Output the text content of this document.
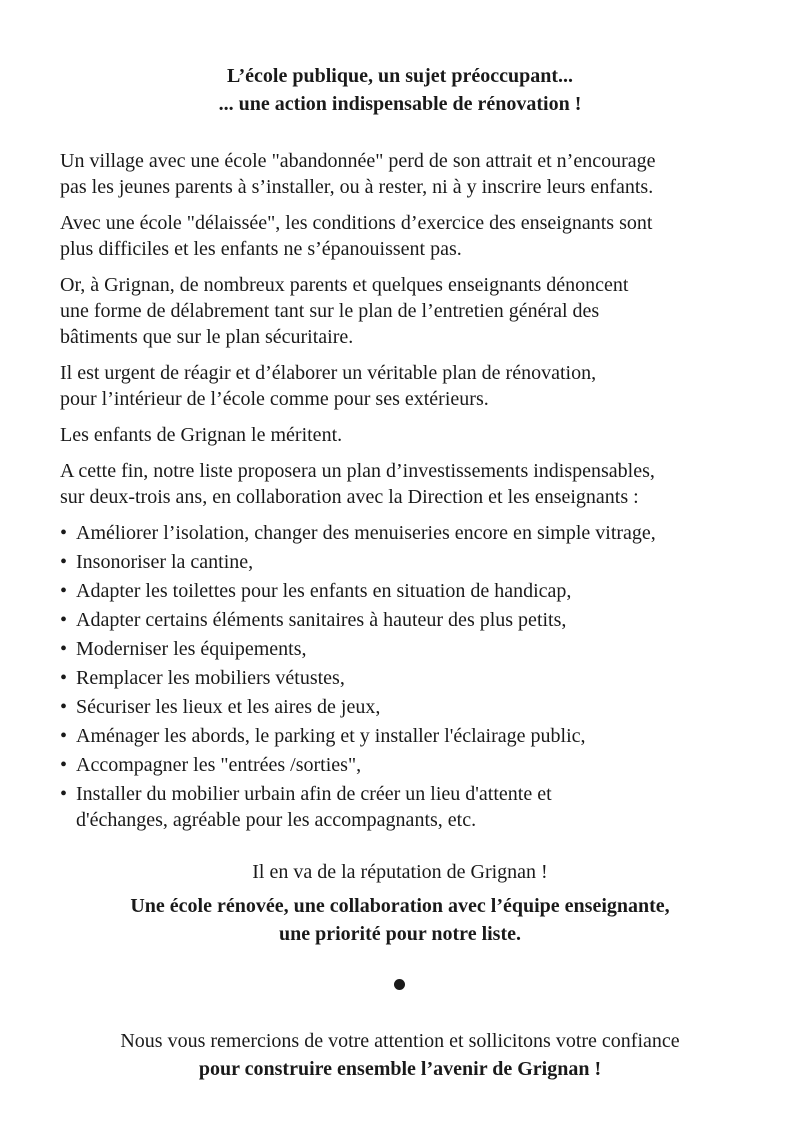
L’école publique, un sujet préoccupant...
... une action indispensable de rénovation !
Un village avec une école "abandonnée" perd de son attrait et n’encourage
pas les jeunes parents à s’installer, ou à rester, ni à y inscrire leurs enfants.
Avec une école "délaissée", les conditions d’exercice des enseignants sont
plus difficiles et les enfants ne s’épanouissent pas.
Or, à Grignan, de nombreux parents et quelques enseignants dénoncent
une forme de délabrement tant sur le plan de l’entretien général des
bâtiments que sur le plan sécuritaire.
Il est urgent de réagir et d’élaborer un véritable plan de rénovation,
pour l’intérieur de l’école comme pour ses extérieurs.
Les enfants de Grignan le méritent.
A cette fin, notre liste proposera un plan d’investissements indispensables,
sur deux-trois ans, en collaboration avec la Direction et les enseignants :
• Améliorer l’isolation, changer des menuiseries encore en simple vitrage,
• Insonoriser la cantine,
• Adapter les toilettes pour les enfants en situation de handicap,
• Adapter certains éléments sanitaires à hauteur des plus petits,
• Moderniser les équipements,
• Remplacer les mobiliers vétustes,
• Sécuriser les lieux et les aires de jeux,
• Aménager les abords, le parking et y installer l'éclairage public,
• Accompagner les "entrées /sorties",
• Installer du mobilier urbain afin de créer un lieu d'attente et
d'échanges, agréable pour les accompagnants, etc.
Il en va de la réputation de Grignan !
Une école rénovée, une collaboration avec l’équipe enseignante,
une priorité pour notre liste.
Nous vous remercions de votre attention et sollicitons votre confiance
pour construire ensemble l’avenir de Grignan !
